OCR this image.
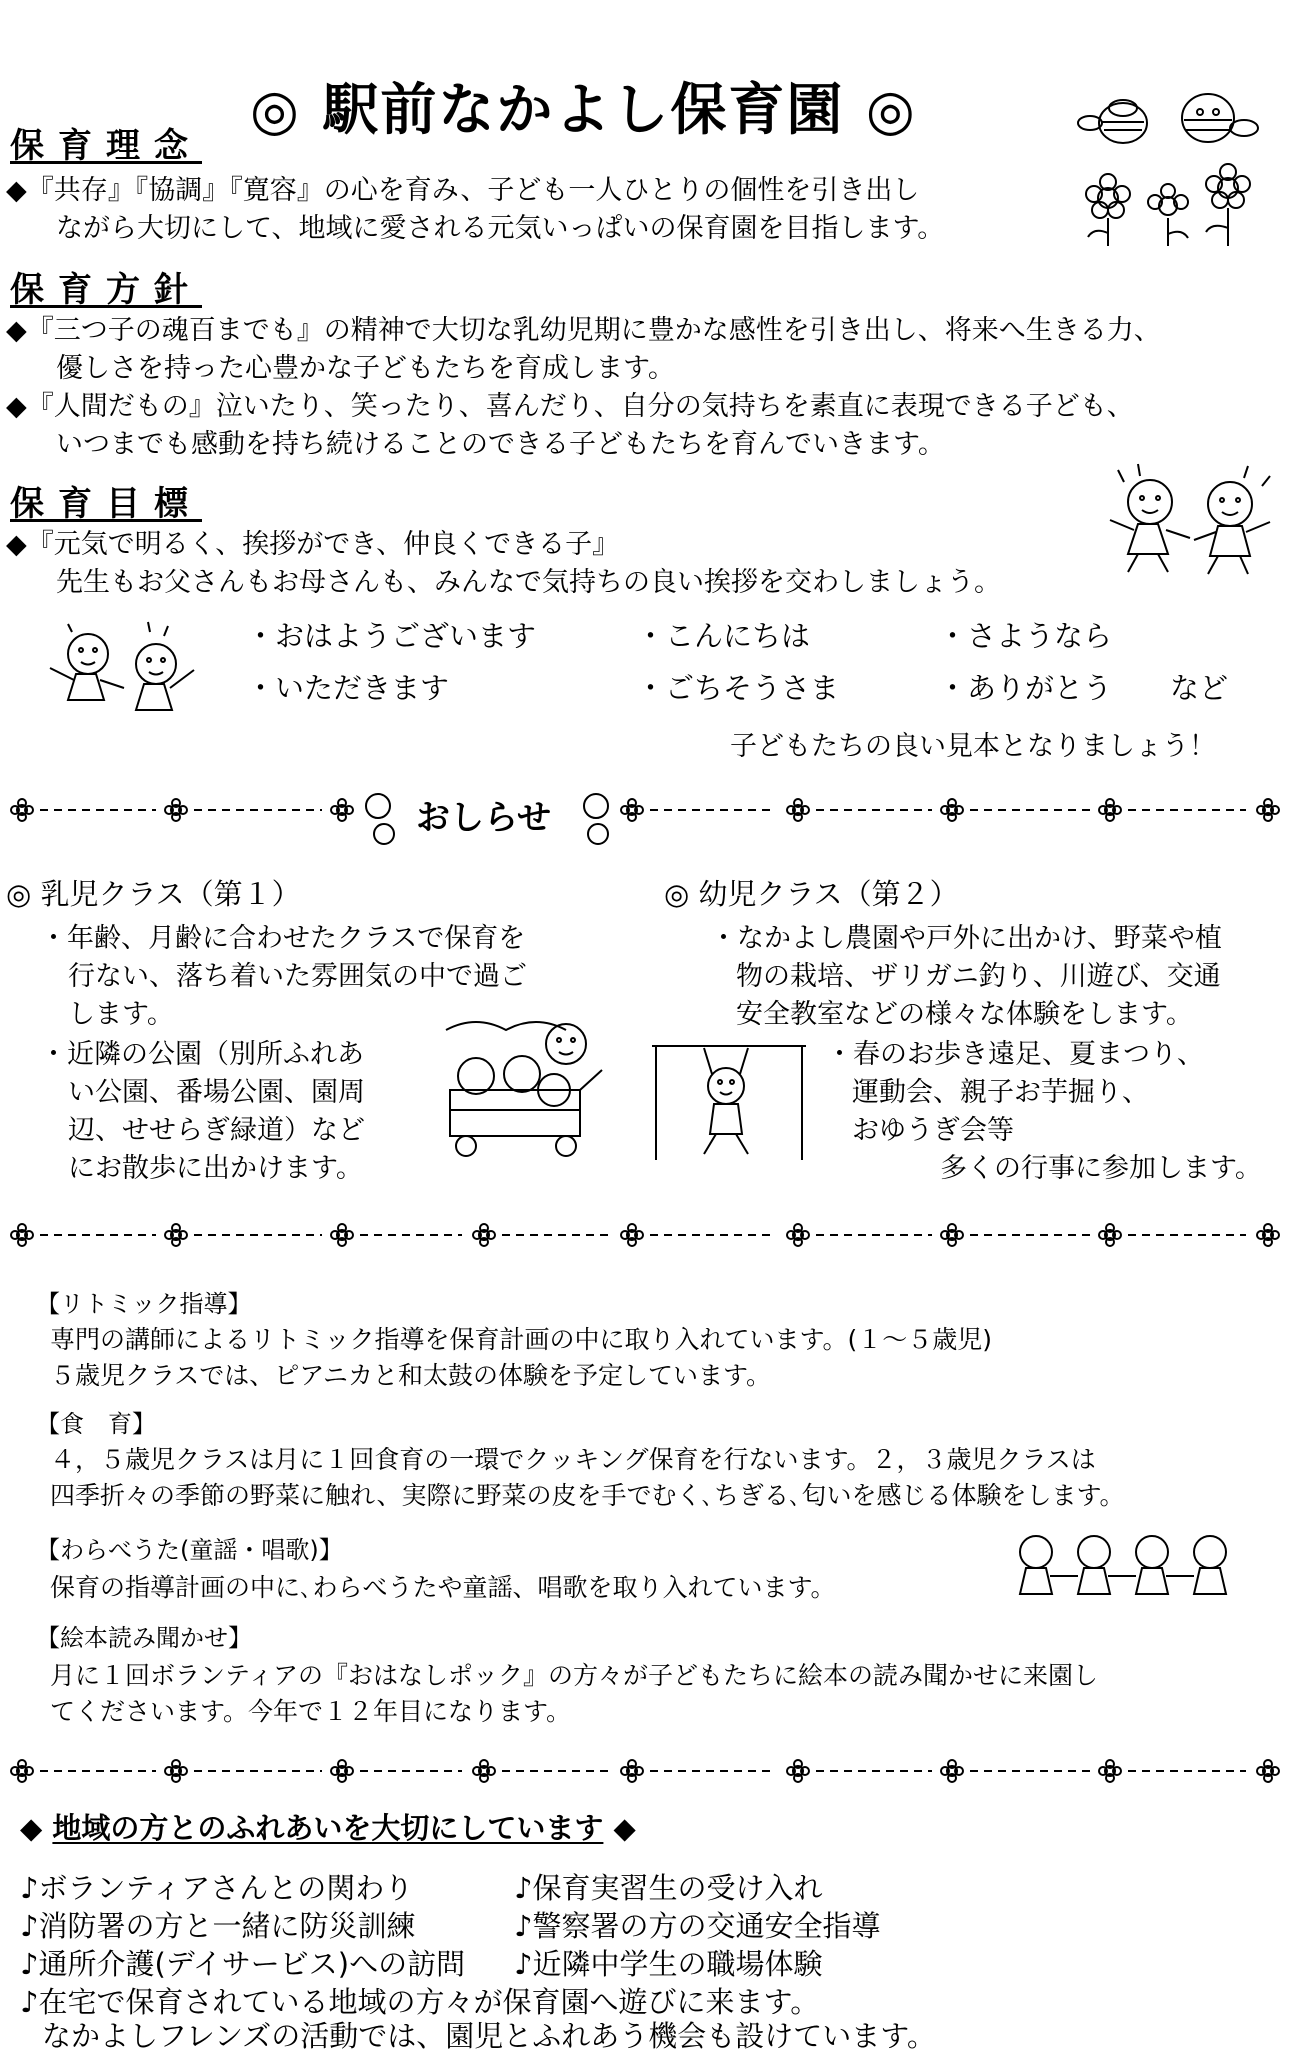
◎ 駅前なかよし保育園 ◎
保育理念
◆『共存』『協調』『寛容』の心を育み、子ども一人ひとりの個性を引き出し
ながら大切にして、地域に愛される元気いっぱいの保育園を目指します。
保育方針
◆『三つ子の魂百までも』の精神で大切な乳幼児期に豊かな感性を引き出し、将来へ生きる力、
優しさを持った心豊かな子どもたちを育成します。
◆『人間だもの』泣いたり、笑ったり、喜んだり、自分の気持ちを素直に表現できる子ども、
いつまでも感動を持ち続けることのできる子どもたちを育んでいきます。
保育目標
◆『元気で明るく、挨拶ができ、仲良くできる子』
先生もお父さんもお母さんも、みんなで気持ちの良い挨拶を交わしましょう。
・おはようございます	・こんにちは	・さようなら
・いただきます	・ごちそうさま	・ありがとう　　など
子どもたちの良い見本となりましょう！
おしらせ
◎ 乳児クラス（第１）
・年齢、月齢に合わせたクラスで保育を
行ない、落ち着いた雰囲気の中で過ご
します。
・近隣の公園（別所ふれあ
い公園、番場公園、園周
辺、せせらぎ緑道）など
にお散歩に出かけます。
◎ 幼児クラス（第２）
・なかよし農園や戸外に出かけ、野菜や植
物の栽培、ザリガニ釣り、川遊び、交通
安全教室などの様々な体験をします。
・春のお歩き遠足、夏まつり、
運動会、親子お芋掘り、
おゆうぎ会等
多くの行事に参加します。
【リトミック指導】
専門の講師によるリトミック指導を保育計画の中に取り入れています。(１～５歳児)
５歳児クラスでは、ピアニカと和太鼓の体験を予定しています。
【食　育】
４，５歳児クラスは月に１回食育の一環でクッキング保育を行ないます。２，３歳児クラスは
四季折々の季節の野菜に触れ、実際に野菜の皮を手でむく､ちぎる､匂いを感じる体験をします。
【わらべうた(童謡・唱歌)】
保育の指導計画の中に､わらべうたや童謡、唱歌を取り入れています。
【絵本読み聞かせ】
月に１回ボランティアの『おはなしポック』の方々が子どもたちに絵本の読み聞かせに来園し
てくださいます。今年で１２年目になります。
◆ 地域の方とのふれあいを大切にしています ◆
♪ボランティアさんとの関わり	♪保育実習生の受け入れ
♪消防署の方と一緒に防災訓練	♪警察署の方の交通安全指導
♪通所介護(デイサービス)への訪問 ♪近隣中学生の職場体験
♪在宅で保育されている地域の方々が保育園へ遊びに来ます。
なかよしフレンズの活動では、園児とふれあう機会も設けています。
